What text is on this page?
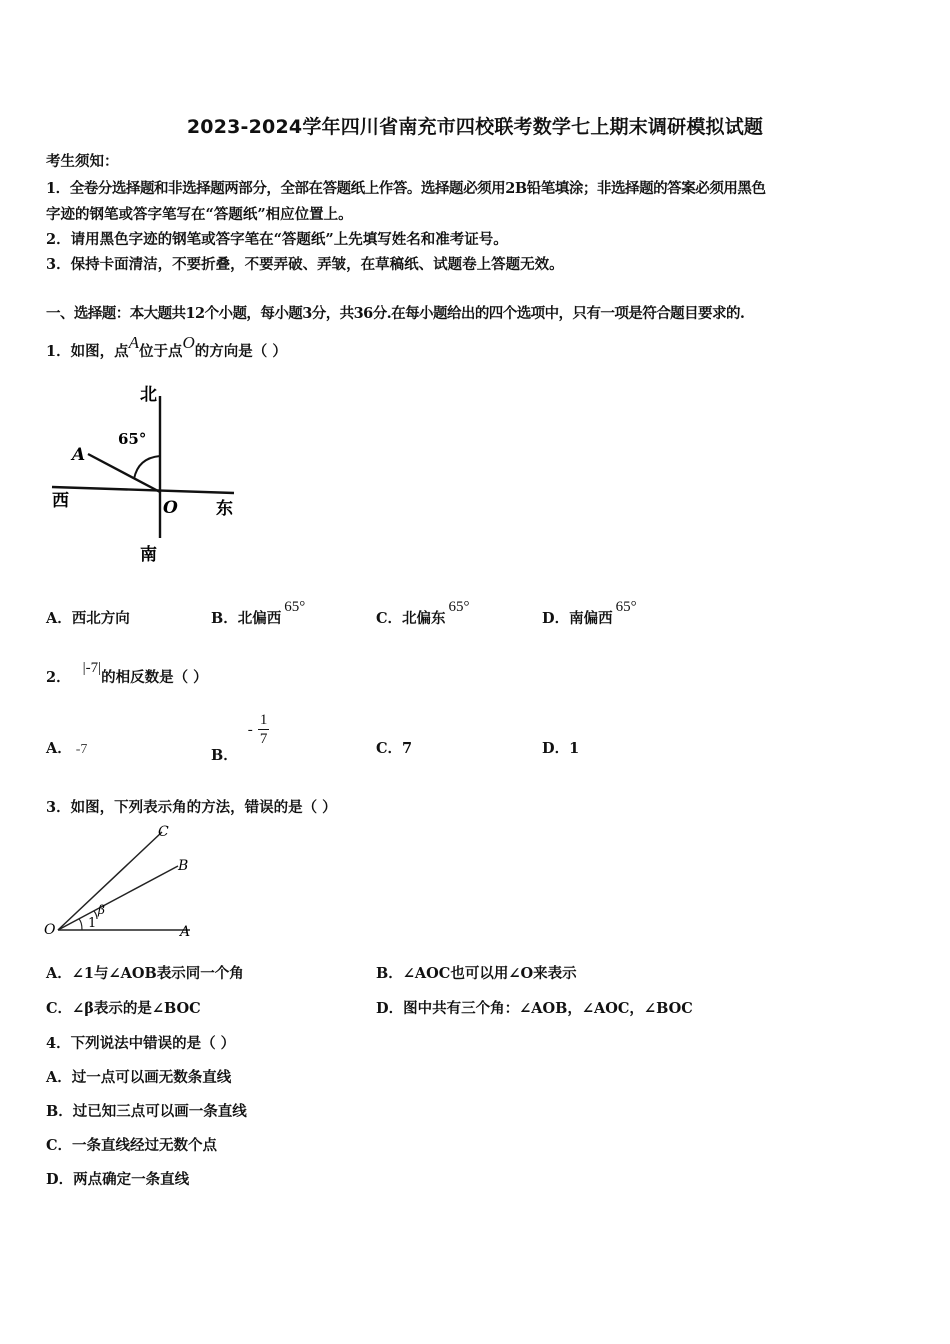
2023-2024学年四川省南充市四校联考数学七上期末调研模拟试题
考生须知：
1．全卷分选择题和非选择题两部分，全部在答题纸上作答。选择题必须用2B铅笔填涂；非选择题的答案必须用黑色
字迹的钢笔或答字笔写在“答题纸”相应位置上。
2．请用黑色字迹的钢笔或答字笔在“答题纸”上先填写姓名和准考证号。
3．保持卡面清洁，不要折叠，不要弄破、弄皱，在草稿纸、试题卷上答题无效。
一、选择题：本大题共12个小题，每小题3分，共36分.在每小题给出的四个选项中，只有一项是符合题目要求的.
1．如图，点A位于点O的方向是（ ）
北
南
西	东
65°
A
O
A．西北方向	B．北偏西65°
C．北偏东65°
D．南偏西65°
2．|-7|的相反数是（ ）
A． -7	B．- $\frac{1}{7}$
C．7	D．1
3．如图，下列表示角的方法，错误的是（ ）
O	A
B
C
β
1
A．∠1与∠AOB表示同一个角	B．∠AOC也可以用∠O来表示
C．∠β表示的是∠BOC	D．图中共有三个角：∠AOB，∠AOC，∠BOC
4．下列说法中错误的是（ ）
A．过一点可以画无数条直线
B．过已知三点可以画一条直线
C．一条直线经过无数个点
D．两点确定一条直线
